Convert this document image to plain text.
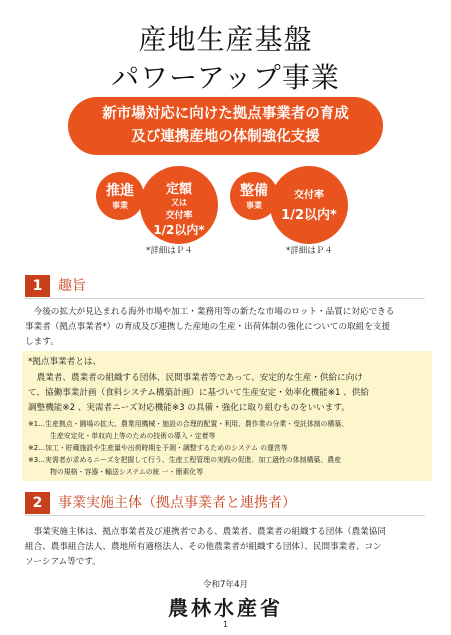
産地生産基盤
パワーアップ事業
新市場対応に向けた拠点事業者の育成
及び連携産地の体制強化支援
推進
事業
定額
又は
交付率
1/2以内*
*詳細はＰ４
整備
事業
交付率
1/2以内*
*詳細はＰ４
1	趣旨
　今後の拡大が見込まれる海外市場や加工・業務用等の新たな市場のロット・品質に対応できる
事業者（拠点事業者*）の育成及び連携した産地の生産・出荷体制の強化についての取組を支援
します。
*拠点事業者とは、
　農業者、農業者の組織する団体、民間事業者等であって、安定的な生産・供給に向け
て、協働事業計画（食料システム構築計画）に基づいて生産安定・効率化機能※1 、供給
調整機能※2 、実需者ニーズ対応機能※3 の具備・強化に取り組むものをいいます。
※1…生産拠点・圃場の拡大、農業用機械・施設の合理的配置・利用、農作業の分業・受託体制の構築、
生産安定化・単収向上等のための技術の導入・定着等
※2…加工・貯蔵施設や生産量や出荷時期を予測・調整するためのシステム の運営等
※3…実需者が求めるニーズを把握して行う、生産工程管理の実践の促進、加工適性の体制構築、農産
物の規格・容器・輸送システムの統 一・簡素化等
2	事業実施主体（拠点事業者と連携者）
　事業実施主体は、拠点事業者及び連携者である、農業者、農業者の組織する団体（農業協同
組合、農事組合法人、農地所有適格法人、その他農業者が組織する団体）、民間事業者、コン
ソーシアム等です。
令和7年4月
農林水産省
1
